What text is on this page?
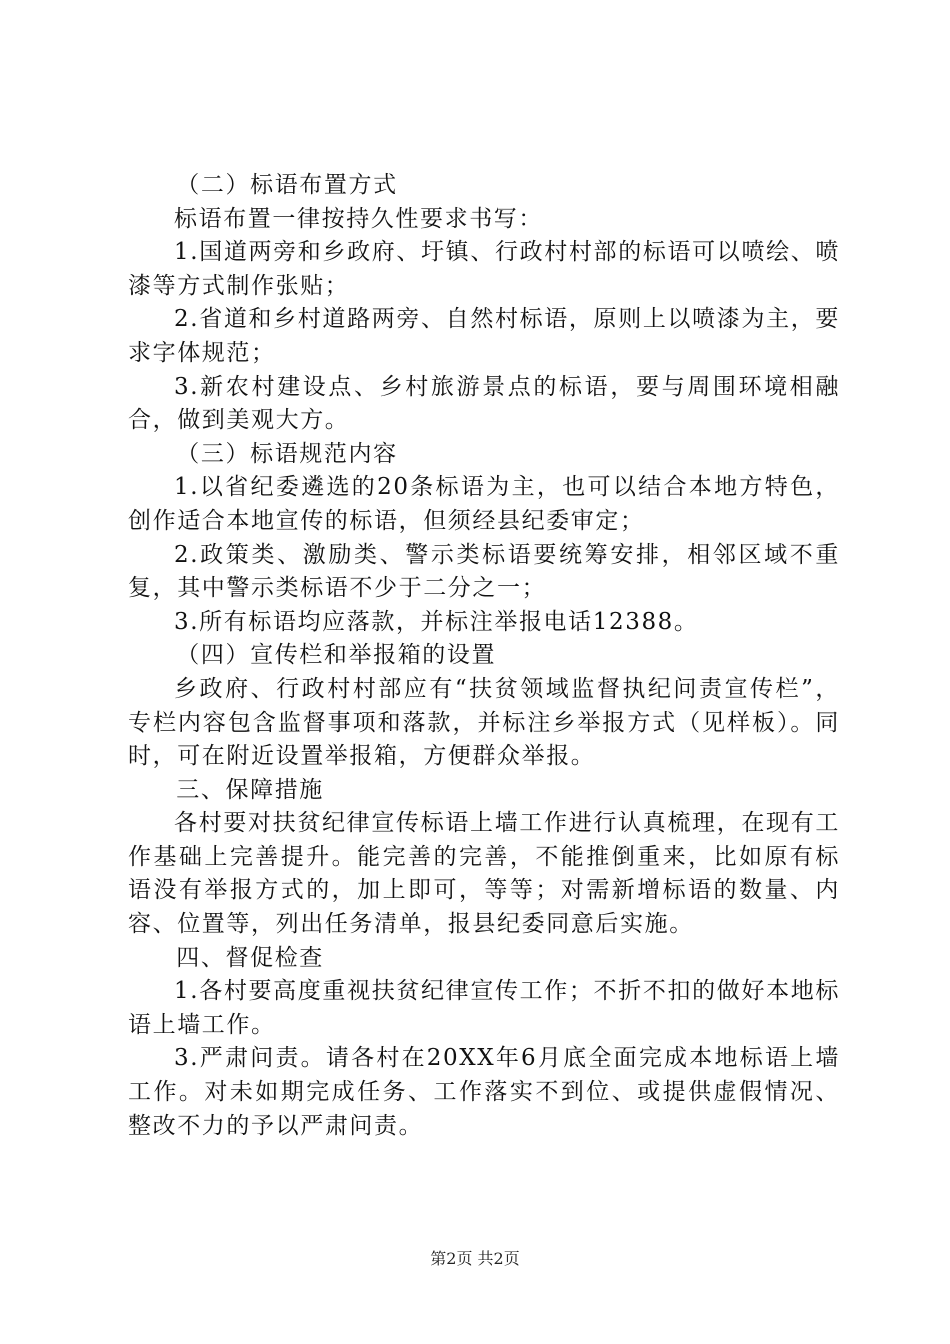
（二）标语布置方式

标语布置一律按持久性要求书写：

1.国道两旁和乡政府、圩镇、行政村村部的标语可以喷绘、喷漆等方式制作张贴；

2.省道和乡村道路两旁、自然村标语，原则上以喷漆为主，要求字体规范；

3.新农村建设点、乡村旅游景点的标语，要与周围环境相融合，做到美观大方。

（三）标语规范内容

1.以省纪委遴选的20条标语为主，也可以结合本地方特色，创作适合本地宣传的标语，但须经县纪委审定；

2.政策类、激励类、警示类标语要统筹安排，相邻区域不重复，其中警示类标语不少于二分之一；

3.所有标语均应落款，并标注举报电话12388。

（四）宣传栏和举报箱的设置

乡政府、行政村村部应有“扶贫领域监督执纪问责宣传栏”，专栏内容包含监督事项和落款，并标注乡举报方式（见样板）。同时，可在附近设置举报箱，方便群众举报。

三、保障措施

各村要对扶贫纪律宣传标语上墙工作进行认真梳理，在现有工作基础上完善提升。能完善的完善，不能推倒重来，比如原有标语没有举报方式的，加上即可，等等；对需新增标语的数量、内容、位置等，列出任务清单，报县纪委同意后实施。

四、督促检查

1.各村要高度重视扶贫纪律宣传工作；不折不扣的做好本地标语上墙工作。

3.严肃问责。请各村在20XX年6月底全面完成本地标语上墙工作。对未如期完成任务、工作落实不到位、或提供虚假情况、整改不力的予以严肃问责。

第2页 共2页
